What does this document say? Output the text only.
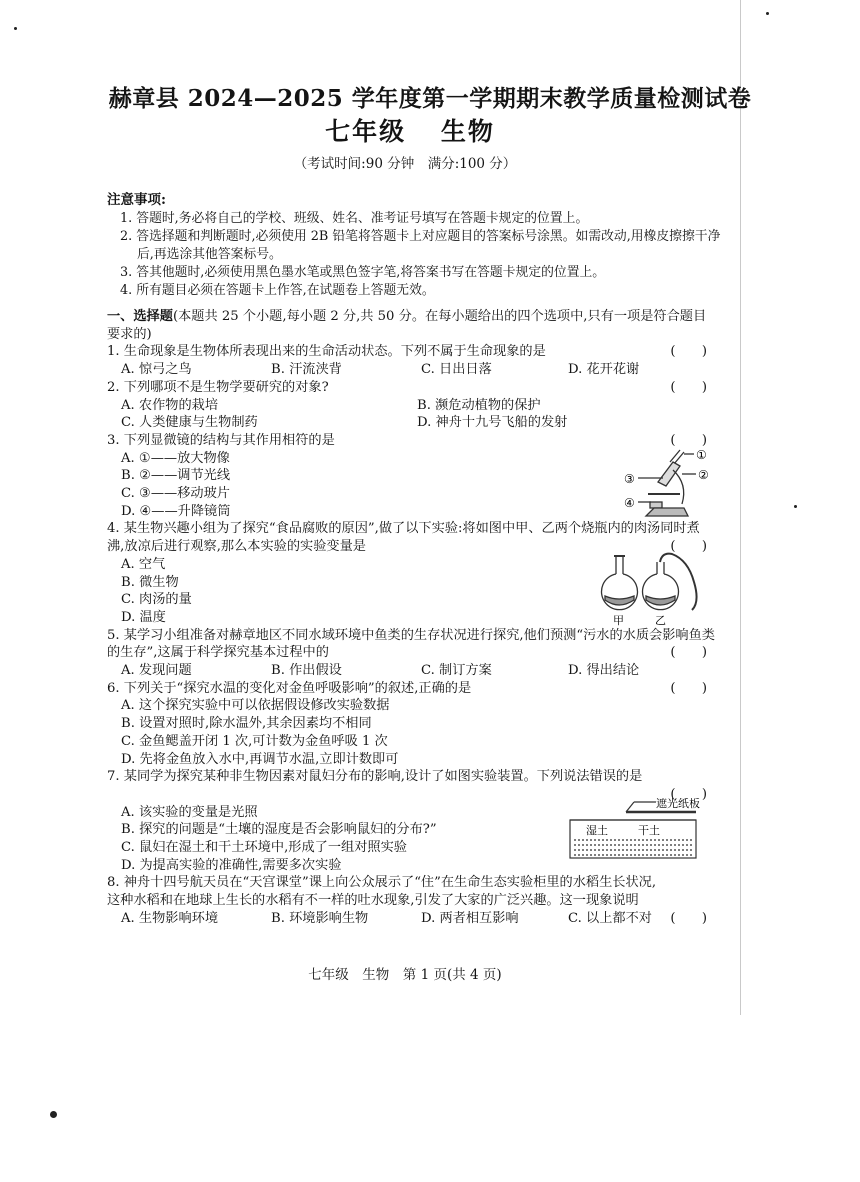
赫章县 2024—2025 学年度第一学期期末教学质量检测试卷
七年级 生物
（考试时间:90 分钟　满分:100 分）
注意事项:
1. 答题时,务必将自己的学校、班级、姓名、准考证号填写在答题卡规定的位置上。
2. 答选择题和判断题时,必须使用 2B 铅笔将答题卡上对应题目的答案标号涂黑。如需改动,用橡皮擦擦干净后,再选涂其他答案标号。
3. 答其他题时,必须使用黑色墨水笔或黑色签字笔,将答案书写在答题卡规定的位置上。
4. 所有题目必须在答题卡上作答,在试题卷上答题无效。
一、选择题(本题共 25 个小题,每小题 2 分,共 50 分。在每小题给出的四个选项中,只有一项是符合题目要求的)
1. 生命现象是生物体所表现出来的生命活动状态。下列不属于生命现象的是	(　　)
A. 惊弓之鸟	B. 汗流浃背	C. 日出日落	D. 花开花谢
2. 下列哪项不是生物学要研究的对象?	(　　)
A. 农作物的栽培	B. 濒危动植物的保护
C. 人类健康与生物制药	D. 神舟十九号飞船的发射
3. 下列显微镜的结构与其作用相符的是	(　　)
A. ①——放大物像
B. ②——调节光线
C. ③——移动玻片
D. ④——升降镜筒
4. 某生物兴趣小组为了探究“食品腐败的原因”,做了以下实验:将如图中甲、乙两个烧瓶内的肉汤同时煮沸,放凉后进行观察,那么本实验的实验变量是	(　　)
A. 空气
B. 微生物
C. 肉汤的量
D. 温度
5. 某学习小组准备对赫章地区不同水域环境中鱼类的生存状况进行探究,他们预测“污水的水质会影响鱼类的生存”,这属于科学探究基本过程中的	(　　)
A. 发现问题	B. 作出假设	C. 制订方案	D. 得出结论
6. 下列关于“探究水温的变化对金鱼呼吸影响”的叙述,正确的是	(　　)
A. 这个探究实验中可以依据假设修改实验数据
B. 设置对照时,除水温外,其余因素均不相同
C. 金鱼鳃盖开闭 1 次,可计数为金鱼呼吸 1 次
D. 先将金鱼放入水中,再调节水温,立即计数即可
7. 某同学为探究某种非生物因素对鼠妇分布的影响,设计了如图实验装置。下列说法错误的是
(　　)
A. 该实验的变量是光照
B. 探究的问题是“土壤的湿度是否会影响鼠妇的分布?”
C. 鼠妇在湿土和干土环境中,形成了一组对照实验
D. 为提高实验的准确性,需要多次实验
8. 神舟十四号航天员在“天宫课堂”课上向公众展示了“住”在生命生态实验柜里的水稻生长状况,这种水稻和在地球上生长的水稻有不一样的吐水现象,引发了大家的广泛兴趣。这一现象说明
(　　)
A. 生物影响环境	B. 环境影响生物	D. 两者相互影响	C. 以上都不对
①
②
③
④
甲	乙
遮光纸板
湿土	干土
七年级　生物　第 1 页(共 4 页)
